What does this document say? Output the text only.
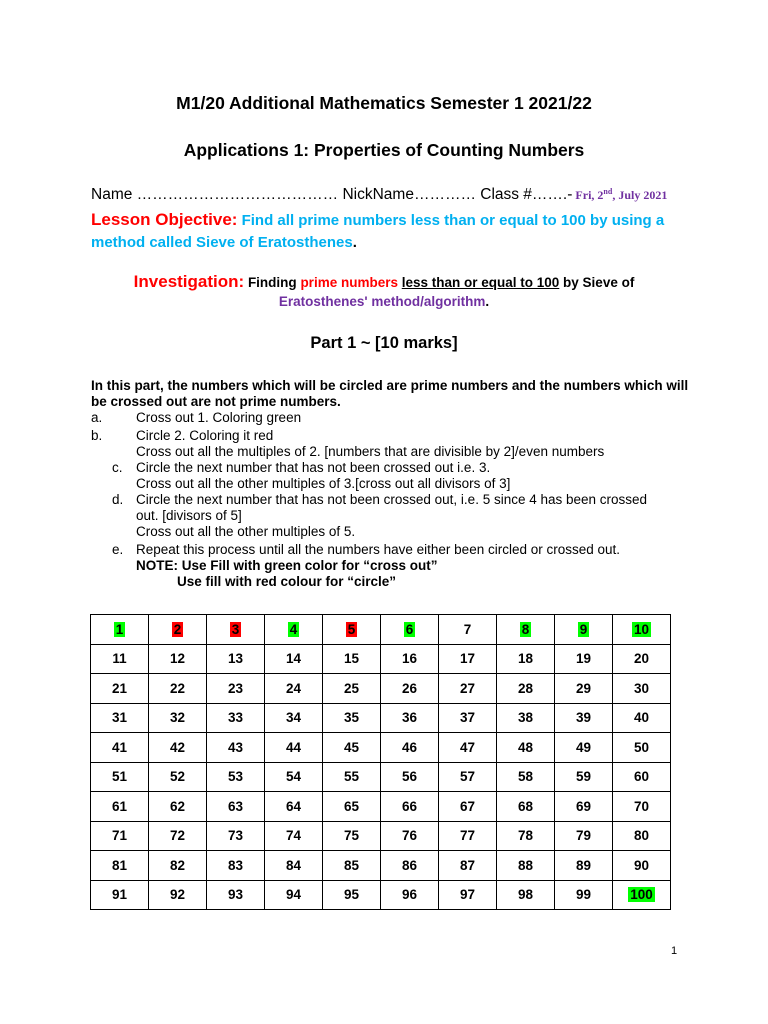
M1/20 Additional Mathematics Semester 1 2021/22
Applications 1: Properties of Counting Numbers
Name ………………………………… NickName………… Class #…….- Fri, 2nd, July 2021
Lesson Objective: Find all prime numbers less than or equal to 100 by using a method called Sieve of Eratosthenes.
Investigation: Finding prime numbers less than or equal to 100 by Sieve of
Eratosthenes' method/algorithm.
Part 1 ~ [10 marks]
In this part, the numbers which will be circled are prime numbers and the numbers which will be crossed out are not prime numbers.
a. Cross out 1. Coloring green
b. Circle 2. Coloring it red
Cross out all the multiples of 2. [numbers that are divisible by 2]/even numbers
c. Circle the next number that has not been crossed out i.e. 3.
Cross out all the other multiples of 3.[cross out all divisors of 3]
d. Circle the next number that has not been crossed out, i.e. 5 since 4 has been crossed
out. [divisors of 5]
Cross out all the other multiples of 5.
e. Repeat this process until all the numbers have either been circled or crossed out.
NOTE: Use Fill with green color for “cross out”
Use fill with red colour for “circle”
1	2	3	4	5	6	7	8	9	10
11	12	13	14	15	16	17	18	19	20
21	22	23	24	25	26	27	28	29	30
31	32	33	34	35	36	37	38	39	40
41	42	43	44	45	46	47	48	49	50
51	52	53	54	55	56	57	58	59	60
61	62	63	64	65	66	67	68	69	70
71	72	73	74	75	76	77	78	79	80
81	82	83	84	85	86	87	88	89	90
91	92	93	94	95	96	97	98	99	100
1
